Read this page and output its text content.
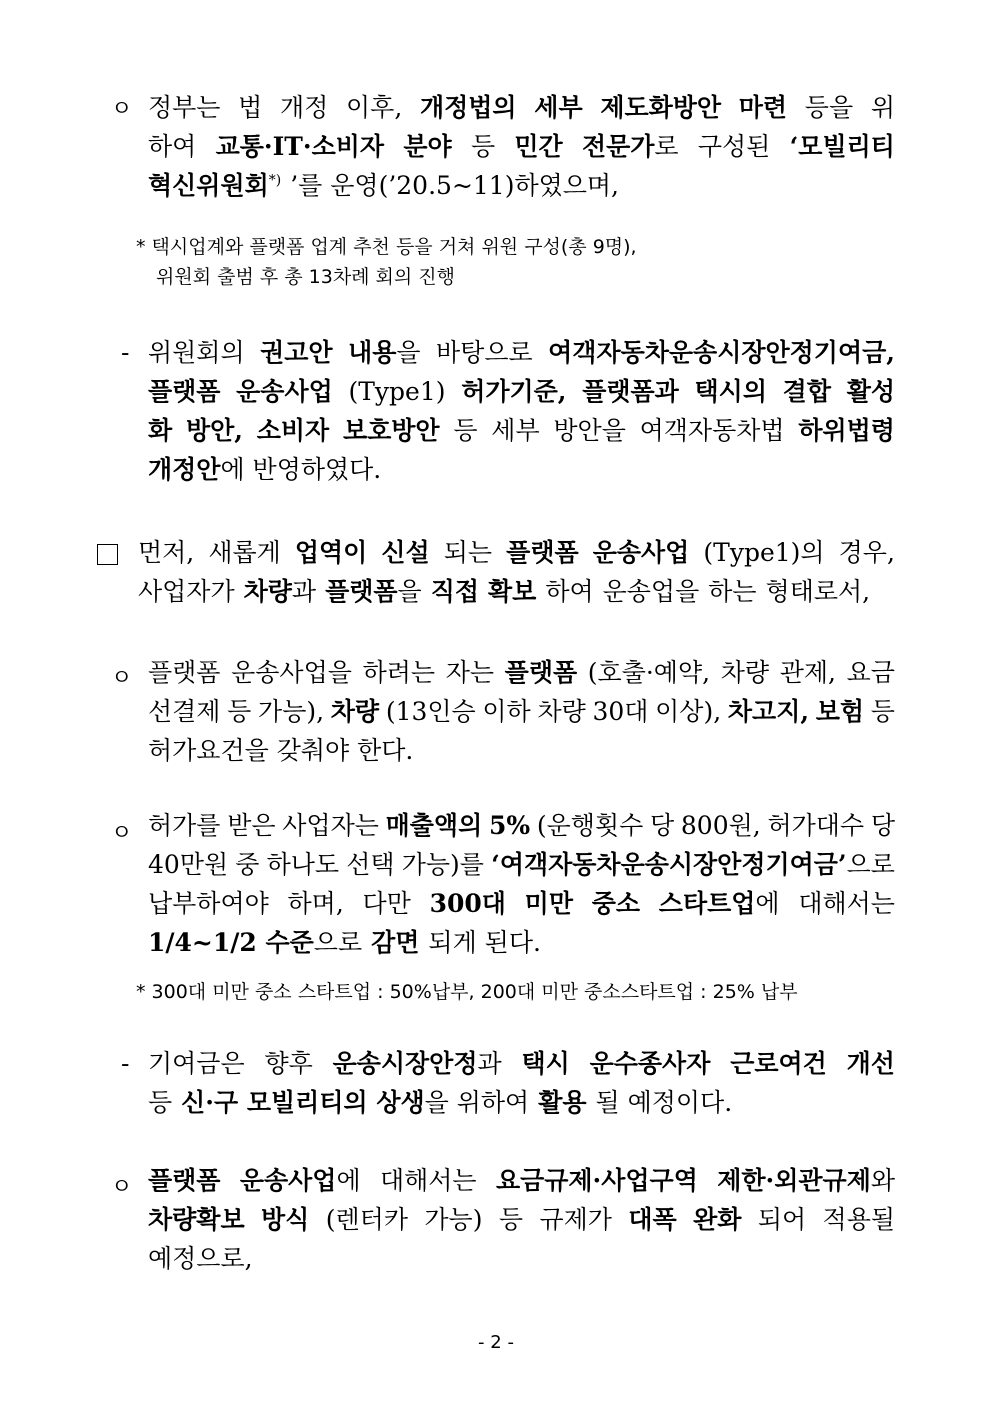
ㅇ 정부는 법 개정 이후, 개정법의 세부 제도화방안 마련 등을 위
하여 교통·IT·소비자 분야 등 민간 전문가로 구성된 ‘모빌리티
혁신위원회*) ’를 운영(’20.5~11)하였으며,
* 택시업계와 플랫폼 업계 추천 등을 거쳐 위원 구성(총 9명),
위원회 출범 후 총 13차례 회의 진행
- 위원회의 권고안 내용을 바탕으로 여객자동차운송시장안정기여금,
플랫폼 운송사업 (Type1) 허가기준, 플랫폼과 택시의 결합 활성
화 방안, 소비자 보호방안 등 세부 방안을 여객자동차법 하위법령
개정안에 반영하였다.
먼저, 새롭게 업역이 신설 되는 플랫폼 운송사업 (Type1)의 경우,
사업자가 차량과 플랫폼을 직접 확보 하여 운송업을 하는 형태로서,
ㅇ 플랫폼 운송사업을 하려는 자는 플랫폼 (호출·예약, 차량 관제, 요금
선결제 등 가능), 차량 (13인승 이하 차량 30대 이상), 차고지, 보험 등
허가요건을 갖춰야 한다.
ㅇ 허가를 받은 사업자는 매출액의 5% (운행횟수 당 800원, 허가대수 당
40만원 중 하나도 선택 가능)를 ‘여객자동차운송시장안정기여금’으로
납부하여야 하며, 다만 300대 미만 중소 스타트업에 대해서는
1/4~1/2 수준으로 감면 되게 된다.
* 300대 미만 중소 스타트업 : 50%납부, 200대 미만 중소스타트업 : 25% 납부
- 기여금은 향후 운송시장안정과 택시 운수종사자 근로여건 개선
등 신·구 모빌리티의 상생을 위하여 활용 될 예정이다.
ㅇ 플랫폼 운송사업에 대해서는 요금규제·사업구역 제한·외관규제와
차량확보 방식 (렌터카 가능) 등 규제가 대폭 완화 되어 적용될
예정으로,
- 2 -
